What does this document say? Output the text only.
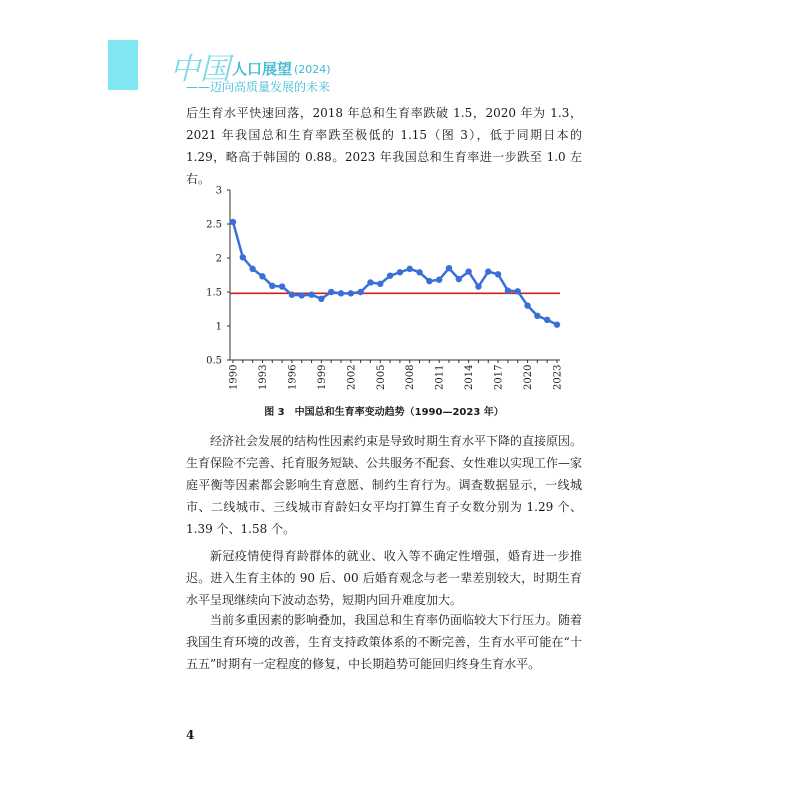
中国 $^{人口展望}$ $^{(2024)}$
——迈向高质量发展的未来
后生育水平快速回落，2018 年总和生育率跌破 1.5，2020 年为 1.3，2021 年我国总和生育率跌至极低的 1.15（图 3），低于同期日本的 1.29，略高于韩国的 0.88。2023 年我国总和生育率进一步跌至 1.0 左右。
0.5
1
1.5
2
2.5
3
1990 1993 1996 1999 2002 2005 2008 2011 2014 2017 2020 2023
图 3　中国总和生育率变动趋势（1990—2023 年）
经济社会发展的结构性因素约束是导致时期生育水平下降的直接原因。生育保险不完善、托育服务短缺、公共服务不配套、女性难以实现工作—家庭平衡等因素都会影响生育意愿、制约生育行为。调查数据显示，一线城市、二线城市、三线城市育龄妇女平均打算生育子女数分别为 1.29 个、1.39 个、1.58 个。
新冠疫情使得育龄群体的就业、收入等不确定性增强，婚育进一步推迟。进入生育主体的 90 后、00 后婚育观念与老一辈差别较大，时期生育水平呈现继续向下波动态势，短期内回升难度加大。
当前多重因素的影响叠加，我国总和生育率仍面临较大下行压力。随着我国生育环境的改善，生育支持政策体系的不断完善，生育水平可能在“十五五”时期有一定程度的修复，中长期趋势可能回归终身生育水平。
4
